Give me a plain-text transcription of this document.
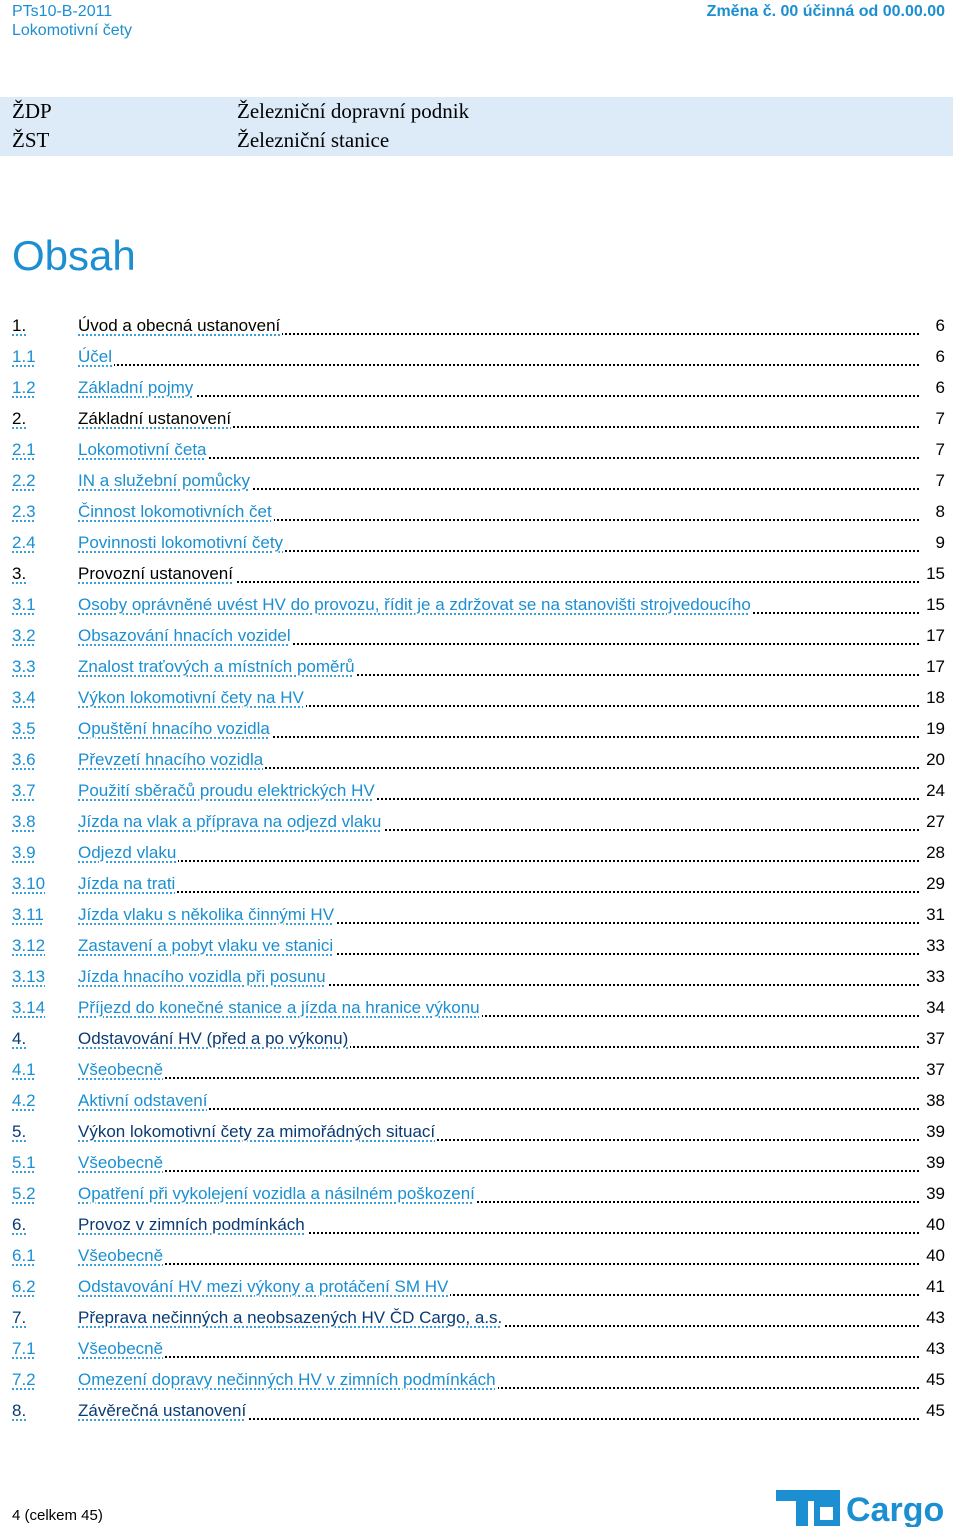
PTs10-B-2011
Lokomotivní čety
Změna č. 00 účinná od 00.00.00
ŽDP	Železniční dopravní podnik
ŽST	Železniční stanice
Obsah
1.	Úvod a obecná ustanovení	6
1.1 Účel	6
1.2 Základní pojmy	6
2.	Základní ustanovení	7
2.1 Lokomotivní četa	7
2.2 IN a služební pomůcky	7
2.3 Činnost lokomotivních čet	8
2.4 Povinnosti lokomotivní čety	9
3.	Provozní ustanovení	15
3.1 Osoby oprávněné uvést HV do provozu, řídit je a zdržovat se na stanovišti strojvedoucího	15
3.2 Obsazování hnacích vozidel	17
3.3 Znalost traťových a místních poměrů	17
3.4 Výkon lokomotivní čety na HV	18
3.5 Opuštění hnacího vozidla	19
3.6 Převzetí hnacího vozidla	20
3.7 Použití sběračů proudu elektrických HV	24
3.8 Jízda na vlak a příprava na odjezd vlaku	27
3.9 Odjezd vlaku	28
3.10 Jízda na trati	29
3.11 Jízda vlaku s několika činnými HV	31
3.12 Zastavení a pobyt vlaku ve stanici	33
3.13 Jízda hnacího vozidla při posunu	33
3.14 Příjezd do konečné stanice a jízda na hranice výkonu	34
4.	Odstavování HV (před a po výkonu)	37
4.1 Všeobecně	37
4.2 Aktivní odstavení	38
5.	Výkon lokomotivní čety za mimořádných situací	39
5.1 Všeobecně	39
5.2 Opatření při vykolejení vozidla a násilném poškození	39
6.	Provoz v zimních podmínkách	40
6.1 Všeobecně	40
6.2 Odstavování HV mezi výkony a protáčení SM HV	41
7.	Přeprava nečinných a neobsazených HV ČD Cargo, a.s.	43
7.1 Všeobecně	43
7.2 Omezení dopravy nečinných HV v zimních podmínkách	45
8.	Závěrečná ustanovení	45
4 (celkem 45)	Cargo
